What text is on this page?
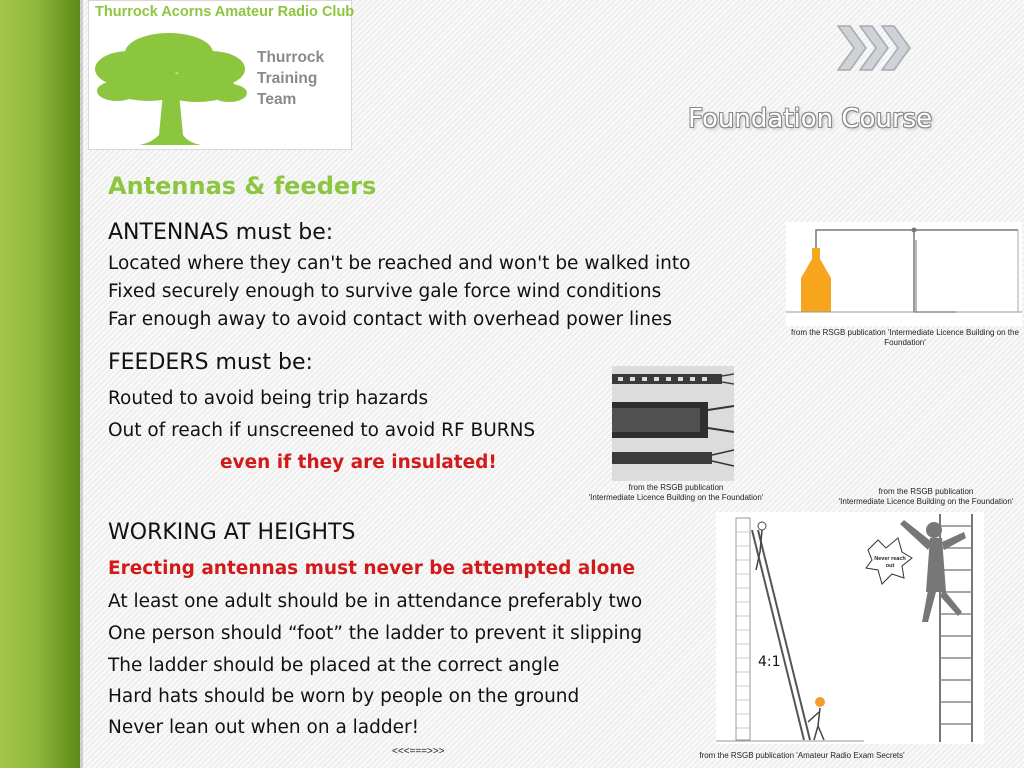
Thurrock Acorns Amateur Radio Club
Thurrock
Training
Team
Foundation Course
Antennas & feeders
ANTENNAS must be:
Located where they can't be reached and won't be walked into
Fixed securely enough to survive gale force wind conditions
Far enough away to avoid contact with overhead power lines
FEEDERS must be:
Routed to avoid being trip hazards
Out of reach if unscreened to avoid RF BURNS
even if they are insulated!
WORKING AT HEIGHTS
Erecting antennas must never be attempted alone
At least one adult should be in attendance preferably two
One person should “foot” the ladder to prevent it slipping
The ladder should be placed at the correct angle
Hard hats should be worn by people on the ground
Never lean out when on a ladder!
from the RSGB publication 'Intermediate Licence Building on the Foundation'
from the RSGB publication
'Intermediate Licence Building on the Foundation'
from the RSGB publication
'Intermediate Licence Building on the Foundation'
4:1
Never reach out
from the RSGB publication 'Amateur Radio Exam Secrets'
<<<===>>>
